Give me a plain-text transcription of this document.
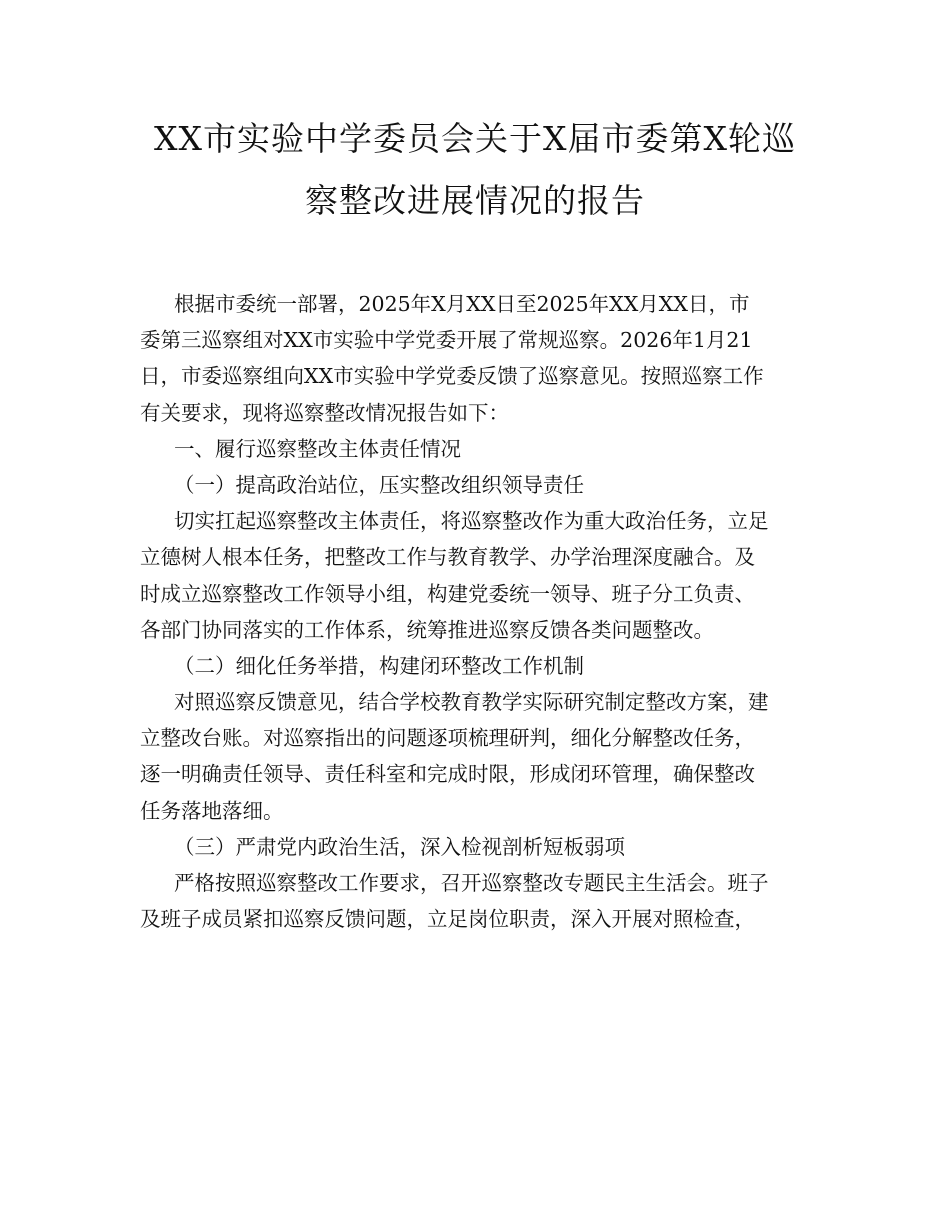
XX市实验中学委员会关于X届市委第X轮巡
察整改进展情况的报告
根据市委统一部署，2025年X月XX日至2025年XX月XX日，市
委第三巡察组对XX市实验中学党委开展了常规巡察。2026年1月21
日，市委巡察组向XX市实验中学党委反馈了巡察意见。按照巡察工作
有关要求，现将巡察整改情况报告如下：
一、履行巡察整改主体责任情况
（一）提高政治站位，压实整改组织领导责任
切实扛起巡察整改主体责任，将巡察整改作为重大政治任务，立足
立德树人根本任务，把整改工作与教育教学、办学治理深度融合。及
时成立巡察整改工作领导小组，构建党委统一领导、班子分工负责、
各部门协同落实的工作体系，统筹推进巡察反馈各类问题整改。
（二）细化任务举措，构建闭环整改工作机制
对照巡察反馈意见，结合学校教育教学实际研究制定整改方案，建
立整改台账。对巡察指出的问题逐项梳理研判，细化分解整改任务，
逐一明确责任领导、责任科室和完成时限，形成闭环管理，确保整改
任务落地落细。
（三）严肃党内政治生活，深入检视剖析短板弱项
严格按照巡察整改工作要求，召开巡察整改专题民主生活会。班子
及班子成员紧扣巡察反馈问题，立足岗位职责，深入开展对照检查，
